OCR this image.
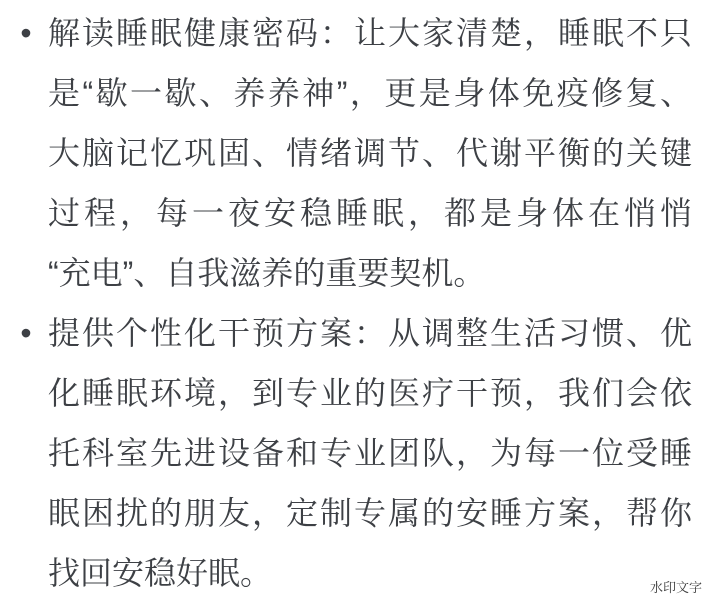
• 解读睡眠健康密码：让大家清楚，睡眠不只
是“歇一歇、养养神”，更是身体免疫修复、
大脑记忆巩固、情绪调节、代谢平衡的关键
过程，每一夜安稳睡眠，都是身体在悄悄
“充电”、自我滋养的重要契机。
• 提供个性化干预方案：从调整生活习惯、优
化睡眠环境，到专业的医疗干预，我们会依
托科室先进设备和专业团队，为每一位受睡
眠困扰的朋友，定制专属的安睡方案，帮你
找回安稳好眠。	水印文字
